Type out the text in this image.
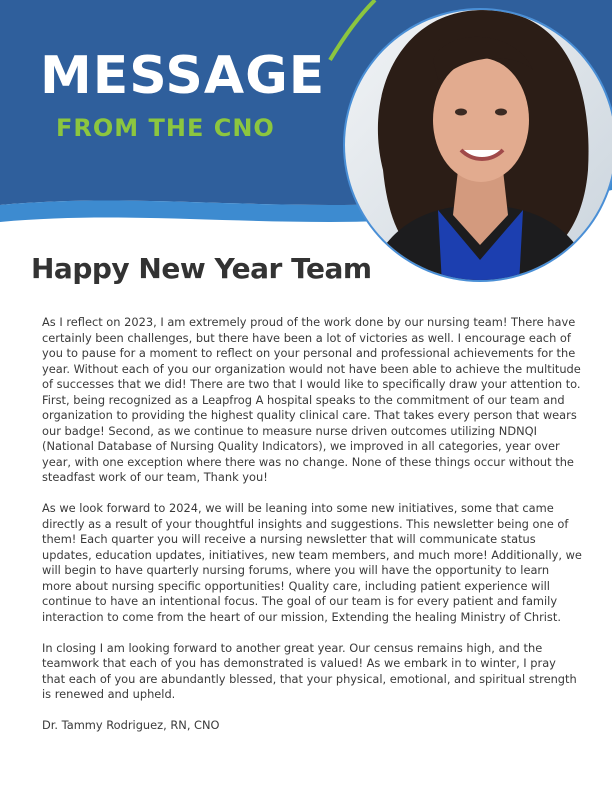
MESSAGE
FROM THE CNO
Happy New Year Team

As I reflect on 2023, I am extremely proud of the work done by our nursing team! There have certainly been challenges, but there have been a lot of victories as well. I encourage each of you to pause for a moment to reflect on your personal and professional achievements for the year. Without each of you our organization would not have been able to achieve the multitude of successes that we did! There are two that I would like to specifically draw your attention to. First, being recognized as a Leapfrog A hospital speaks to the commitment of our team and organization to providing the highest quality clinical care. That takes every person that wears our badge! Second, as we continue to measure nurse driven outcomes utilizing NDNQI (National Database of Nursing Quality Indicators), we improved in all categories, year over year, with one exception where there was no change. None of these things occur without the steadfast work of our team, Thank you!

As we look forward to 2024, we will be leaning into some new initiatives, some that came directly as a result of your thoughtful insights and suggestions. This newsletter being one of them! Each quarter you will receive a nursing newsletter that will communicate status updates, education updates, initiatives, new team members, and much more! Additionally, we will begin to have quarterly nursing forums, where you will have the opportunity to learn more about nursing specific opportunities! Quality care, including patient experience will continue to have an intentional focus. The goal of our team is for every patient and family interaction to come from the heart of our mission, Extending the healing Ministry of Christ.

In closing I am looking forward to another great year. Our census remains high, and the teamwork that each of you has demonstrated is valued! As we embark in to winter, I pray that each of you are abundantly blessed, that your physical, emotional, and spiritual strength is renewed and upheld.

Dr. Tammy Rodriguez, RN, CNO
